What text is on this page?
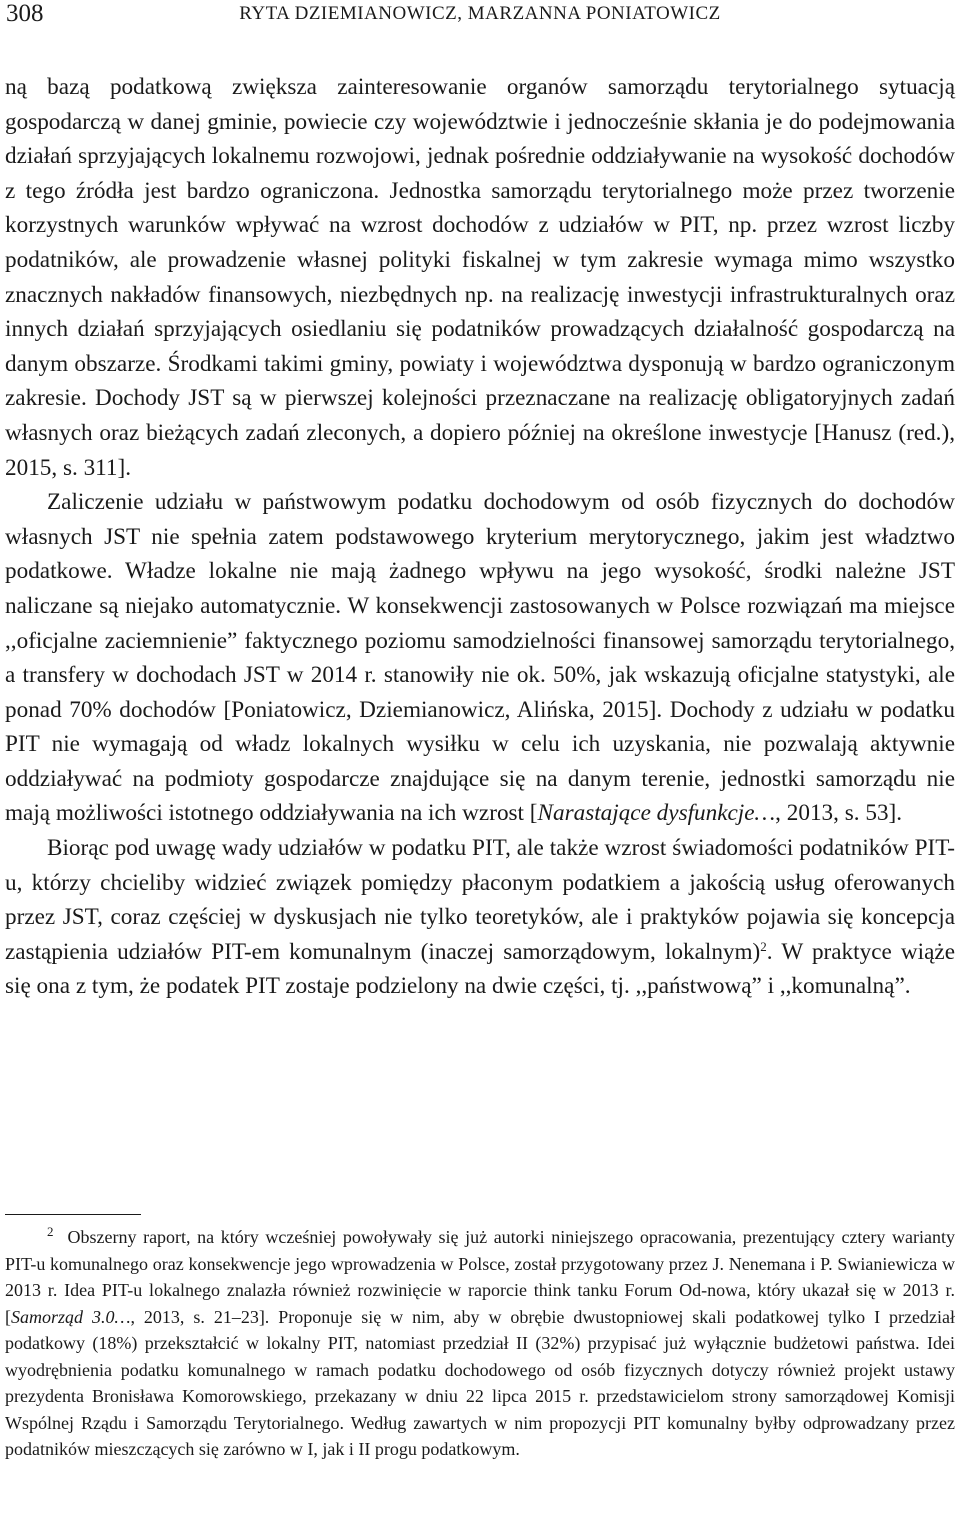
308	RYTA DZIEMIANOWICZ, MARZANNA PONIATOWICZ

ną bazą podatkową zwiększa zainteresowanie organów samorządu terytorialnego sytuacją gospodarczą w danej gminie, powiecie czy województwie i jednocześnie skłania je do podejmowania działań sprzyjających lokalnemu rozwojowi, jednak pośrednie oddziaływanie na wysokość dochodów z tego źródła jest bardzo ograniczona. Jednostka samorządu terytorialnego może przez tworzenie korzystnych warunków wpływać na wzrost dochodów z udziałów w PIT, np. przez wzrost liczby podatników, ale prowadzenie własnej polityki fiskalnej w tym zakresie wymaga mimo wszystko znacznych nakładów finansowych, niezbędnych np. na realizację inwestycji infrastrukturalnych oraz innych działań sprzyjających osiedlaniu się podatników prowadzących działalność gospodarczą na danym obszarze. Środkami takimi gminy, powiaty i województwa dysponują w bardzo ograniczonym zakresie. Dochody JST są w pierwszej kolejności przeznaczane na realizację obligatoryjnych zadań własnych oraz bieżących zadań zleconych, a dopiero później na określone inwestycje [Hanusz (red.), 2015, s. 311].

Zaliczenie udziału w państwowym podatku dochodowym od osób fizycznych do dochodów własnych JST nie spełnia zatem podstawowego kryterium merytorycznego, jakim jest władztwo podatkowe. Władze lokalne nie mają żadnego wpływu na jego wysokość, środki należne JST naliczane są niejako automatycznie. W konsekwencji zastosowanych w Polsce rozwiązań ma miejsce ,,oficjalne zaciemnienie” faktycznego poziomu samodzielności finansowej samorządu terytorialnego, a transfery w dochodach JST w 2014 r. stanowiły nie ok. 50%, jak wskazują oficjalne statystyki, ale ponad 70% dochodów [Poniatowicz, Dziemianowicz, Alińska, 2015]. Dochody z udziału w podatku PIT nie wymagają od władz lokalnych wysiłku w celu ich uzyskania, nie pozwalają aktywnie oddziaływać na podmioty gospodarcze znajdujące się na danym terenie, jednostki samorządu nie mają możliwości istotnego oddziaływania na ich wzrost [Narastające dysfunkcje…, 2013, s. 53].

Biorąc pod uwagę wady udziałów w podatku PIT, ale także wzrost świadomości podatników PIT-u, którzy chcieliby widzieć związek pomiędzy płaconym podatkiem a jakością usług oferowanych przez JST, coraz częściej w dyskusjach nie tylko teoretyków, ale i praktyków pojawia się koncepcja zastąpienia udziałów PIT-em komunalnym (inaczej samorządowym, lokalnym)$^2$. W praktyce wiąże się ona z tym, że podatek PIT zostaje podzielony na dwie części, tj. ,,państwową” i ,,komunalną”.

$^2$ Obszerny raport, na który wcześniej powoływały się już autorki niniejszego opracowania, prezentujący cztery warianty PIT-u komunalnego oraz konsekwencje jego wprowadzenia w Polsce, został przygotowany przez J. Nenemana i P. Swianiewicza w 2013 r. Idea PIT-u lokalnego znalazła również rozwinięcie w raporcie think tanku Forum Od-nowa, który ukazał się w 2013 r. [Samorząd 3.0…, 2013, s. 21–23]. Proponuje się w nim, aby w obrębie dwustopniowej skali podatkowej tylko I przedział podatkowy (18%) przekształcić w lokalny PIT, natomiast przedział II (32%) przypisać już wyłącznie budżetowi państwa. Idei wyodrębnienia podatku komunalnego w ramach podatku dochodowego od osób fizycznych dotyczy również projekt ustawy prezydenta Bronisława Komorowskiego, przekazany w dniu 22 lipca 2015 r. przedstawicielom strony samorządowej Komisji Wspólnej Rządu i Samorządu Terytorialnego. Według zawartych w nim propozycji PIT komunalny byłby odprowadzany przez podatników mieszczących się zarówno w I, jak i II progu podatkowym.
